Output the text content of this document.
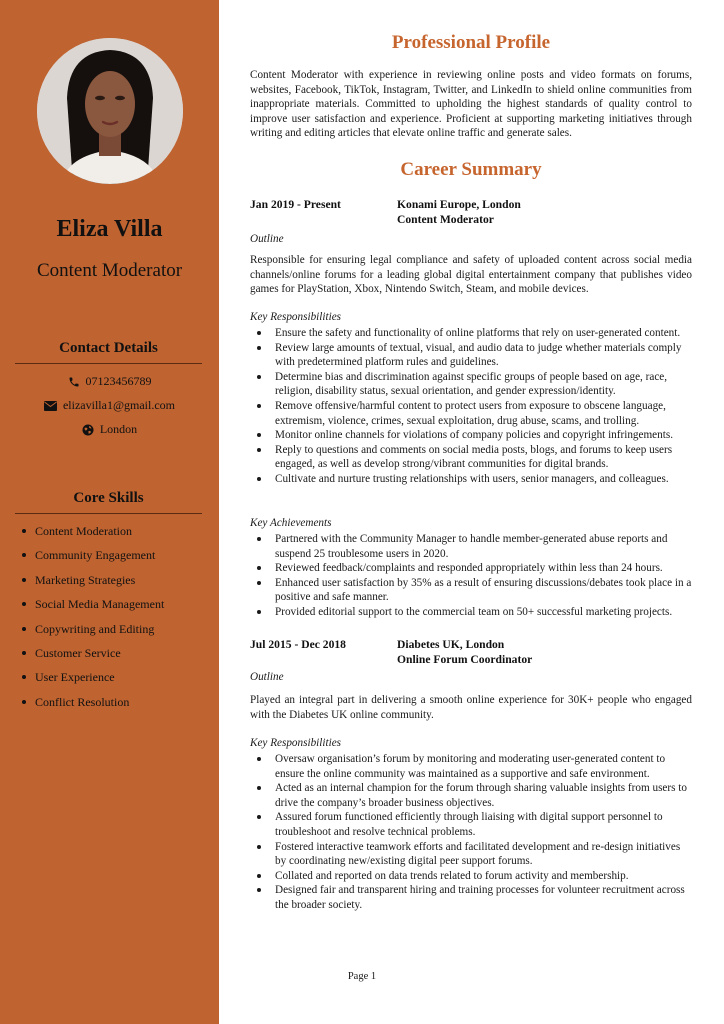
Eliza Villa
Content Moderator
Contact Details
07123456789
elizavilla1@gmail.com
London
Core Skills
Content Moderation
Community Engagement
Marketing Strategies
Social Media Management
Copywriting and Editing
Customer Service
User Experience
Conflict Resolution
Professional Profile
Content Moderator with experience in reviewing online posts and video formats on forums, websites, Facebook, TikTok, Instagram, Twitter, and LinkedIn to shield online communities from inappropriate materials. Committed to upholding the highest standards of quality control to improve user satisfaction and experience. Proficient at supporting marketing initiatives through writing and editing articles that elevate online traffic and generate sales.
Career Summary
Jan 2019 - Present	Konami Europe, London
Content Moderator
Outline
Responsible for ensuring legal compliance and safety of uploaded content across social media channels/online forums for a leading global digital entertainment company that publishes video games for PlayStation, Xbox, Nintendo Switch, Steam, and mobile devices.
Key Responsibilities
Ensure the safety and functionality of online platforms that rely on user-generated content.
Review large amounts of textual, visual, and audio data to judge whether materials comply with predetermined platform rules and guidelines.
Determine bias and discrimination against specific groups of people based on age, race, religion, disability status, sexual orientation, and gender expression/identity.
Remove offensive/harmful content to protect users from exposure to obscene language, extremism, violence, crimes, sexual exploitation, drug abuse, scams, and trolling.
Monitor online channels for violations of company policies and copyright infringements.
Reply to questions and comments on social media posts, blogs, and forums to keep users engaged, as well as develop strong/vibrant communities for digital brands.
Cultivate and nurture trusting relationships with users, senior managers, and colleagues.
Key Achievements
Partnered with the Community Manager to handle member-generated abuse reports and suspend 25 troublesome users in 2020.
Reviewed feedback/complaints and responded appropriately within less than 24 hours.
Enhanced user satisfaction by 35% as a result of ensuring discussions/debates took place in a positive and safe manner.
Provided editorial support to the commercial team on 50+ successful marketing projects.
Jul 2015 - Dec 2018	Diabetes UK, London
Online Forum Coordinator
Outline
Played an integral part in delivering a smooth online experience for 30K+ people who engaged with the Diabetes UK online community.
Key Responsibilities
Oversaw organisation’s forum by monitoring and moderating user-generated content to ensure the online community was maintained as a supportive and safe environment.
Acted as an internal champion for the forum through sharing valuable insights from users to drive the company’s broader business objectives.
Assured forum functioned efficiently through liaising with digital support personnel to troubleshoot and resolve technical problems.
Fostered interactive teamwork efforts and facilitated development and re-design initiatives by coordinating new/existing digital peer support forums.
Collated and reported on data trends related to forum activity and membership.
Designed fair and transparent hiring and training processes for volunteer recruitment across the broader society.
Page 1
